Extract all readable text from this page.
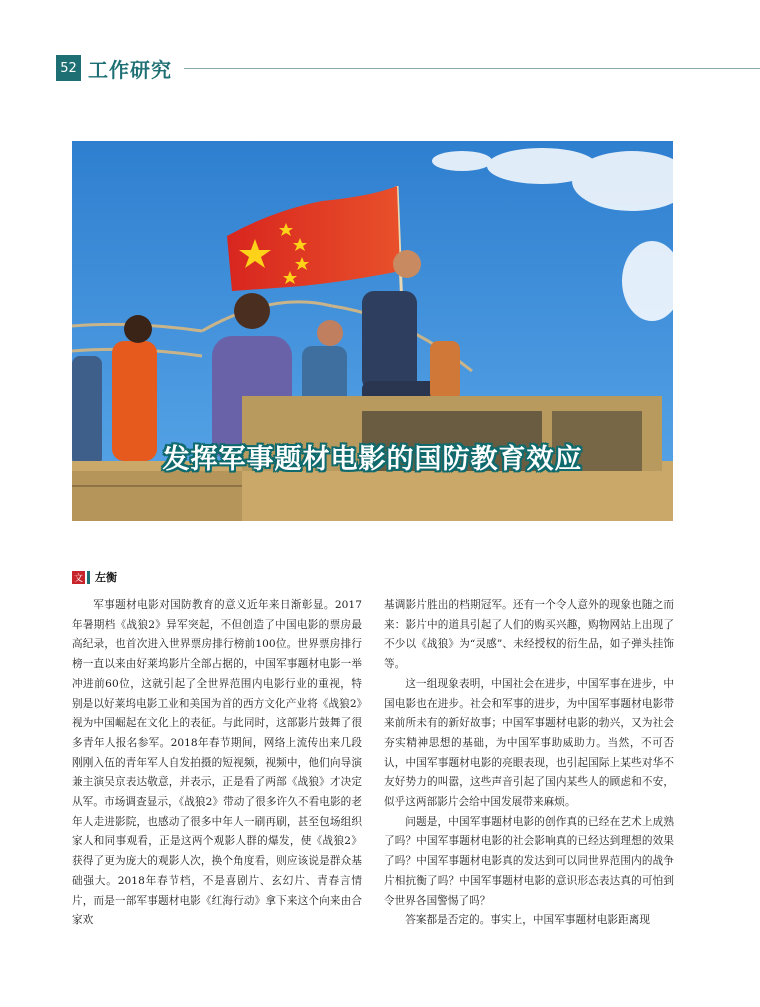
52 工作研究
发挥军事题材电影的国防教育效应
文 左衡

军事题材电影对国防教育的意义近年来日渐彰显。2017年暑期档《战狼2》异军突起，不但创造了中国电影的票房最高纪录，也首次进入世界票房排行榜前100位。世界票房排行榜一直以来由好莱坞影片全部占据的，中国军事题材电影一举冲进前60位，这就引起了全世界范围内电影行业的重视，特别是以好莱坞电影工业和美国为首的西方文化产业将《战狼2》视为中国崛起在文化上的表征。与此同时，这部影片鼓舞了很多青年人报名参军。2018年春节期间，网络上流传出来几段刚刚入伍的青年军人自发拍摄的短视频，视频中，他们向导演兼主演吴京表达敬意，并表示，正是看了两部《战狼》才决定从军。市场调查显示，《战狼2》带动了很多许久不看电影的老年人走进影院，也感动了很多中年人一刷再刷，甚至包场组织家人和同事观看，正是这两个观影人群的爆发，使《战狼2》获得了更为庞大的观影人次，换个角度看，则应该说是群众基础强大。2018年春节档，不是喜剧片、玄幻片、青春言情片，而是一部军事题材电影《红海行动》拿下来这个向来由合家欢

基调影片胜出的档期冠军。还有一个令人意外的现象也随之而来：影片中的道具引起了人们的购买兴趣，购物网站上出现了不少以《战狼》为“灵感”、未经授权的衍生品，如子弹头挂饰等。

这一组现象表明，中国社会在进步，中国军事在进步，中国电影也在进步。社会和军事的进步，为中国军事题材电影带来前所未有的新好故事；中国军事题材电影的勃兴，又为社会夯实精神思想的基础，为中国军事助威助力。当然，不可否认，中国军事题材电影的亮眼表现，也引起国际上某些对华不友好势力的叫嚣，这些声音引起了国内某些人的顾虑和不安，似乎这两部影片会给中国发展带来麻烦。

问题是，中国军事题材电影的创作真的已经在艺术上成熟了吗？中国军事题材电影的社会影响真的已经达到理想的效果了吗？中国军事题材电影真的发达到可以同世界范围内的战争片相抗衡了吗？中国军事题材电影的意识形态表达真的可怕到令世界各国警惕了吗？

答案都是否定的。事实上，中国军事题材电影距离现
